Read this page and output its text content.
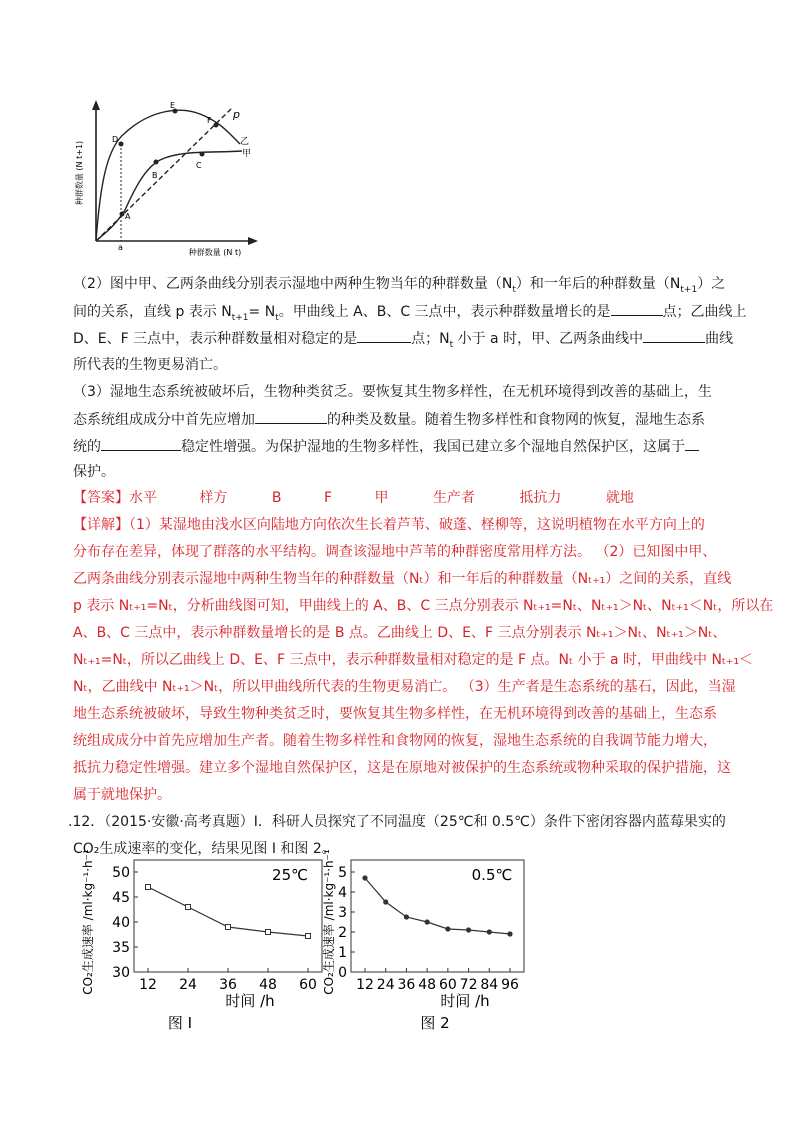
种群数量 (N t+1)
种群数量 (N t)
p
乙
甲
a
A
B
C
D
E
F
（2）图中甲、乙两条曲线分别表示湿地中两种生物当年的种群数量$(N_t)$和一年后的种群数量$(N_{t+1})$之
间的关系，直线 p 表示 $N_{t+1}= N_t$。甲曲线上 A、B、C 三点中，表示种群数量增长的是	点；乙曲线上
D、E、F 三点中，表示种群数量相对稳定的是	点；$N_t$ 小于 a 时，甲、乙两条曲线中	曲线
所代表的生物更易消亡。
（3）湿地生态系统被破坏后，生物种类贫乏。要恢复其生物多样性，在无机环境得到改善的基础上，生
态系统组成成分中首先应增加	的种类及数量。随着生物多样性和食物网的恢复，湿地生态系
统的	稳定性增强。为保护湿地的生物多样性，我国已建立多个湿地自然保护区，这属于
保护。
【答案】水平	样方	B	F	甲	生产者	抵抗力	就地
【详解】（1）某湿地由浅水区向陆地方向依次生长着芦苇、破蓬、柽柳等，这说明植物在水平方向上的
分布存在差异，体现了群落的水平结构。调查该湿地中芦苇的种群密度常用样方法。 （2）已知图中甲、
乙两条曲线分别表示湿地中两种生物当年的种群数量（Nₜ）和一年后的种群数量（Nₜ₊₁）之间的关系，直线
p 表示 Nₜ₊₁=Nₜ，分析曲线图可知，甲曲线上的 A、B、C 三点分别表示 Nₜ₊₁=Nₜ、Nₜ₊₁＞Nₜ、Nₜ₊₁＜Nₜ，所以在
A、B、C 三点中，表示种群数量增长的是 B 点。乙曲线上 D、E、F 三点分别表示 Nₜ₊₁＞Nₜ、Nₜ₊₁＞Nₜ、
Nₜ₊₁=Nₜ，所以乙曲线上 D、E、F 三点中，表示种群数量相对稳定的是 F 点。Nₜ 小于 a 时，甲曲线中 Nₜ₊₁＜
Nₜ，乙曲线中 Nₜ₊₁＞Nₜ，所以甲曲线所代表的生物更易消亡。 （3）生产者是生态系统的基石，因此，当湿
地生态系统被破坏，导致生物种类贫乏时，要恢复其生物多样性，在无机环境得到改善的基础上，生态系
统组成成分中首先应增加生产者。随着生物多样性和食物网的恢复，湿地生态系统的自我调节能力增大，
抵抗力稳定性增强。建立多个湿地自然保护区，这是在原地对被保护的生态系统或物种采取的保护措施，这
属于就地保护。
.12．（2015·安徽·高考真题）Ⅰ．科研人员探究了不同温度（25℃和 0.5℃）条件下密闭容器内蓝莓果实的
CO₂生成速率的变化，结果见图 I 和图 2。
30
35
40
45
50
12 24 36 48 60
25℃
时间 /h
CO₂生成速率 /ml·kg⁻¹·h⁻¹
图 I
0
1
2
3
4
5
12 24 36 48 60 72 84 96
0.5℃
时间 /h
CO₂生成速率 /ml·kg⁻¹·h⁻¹
图 2
